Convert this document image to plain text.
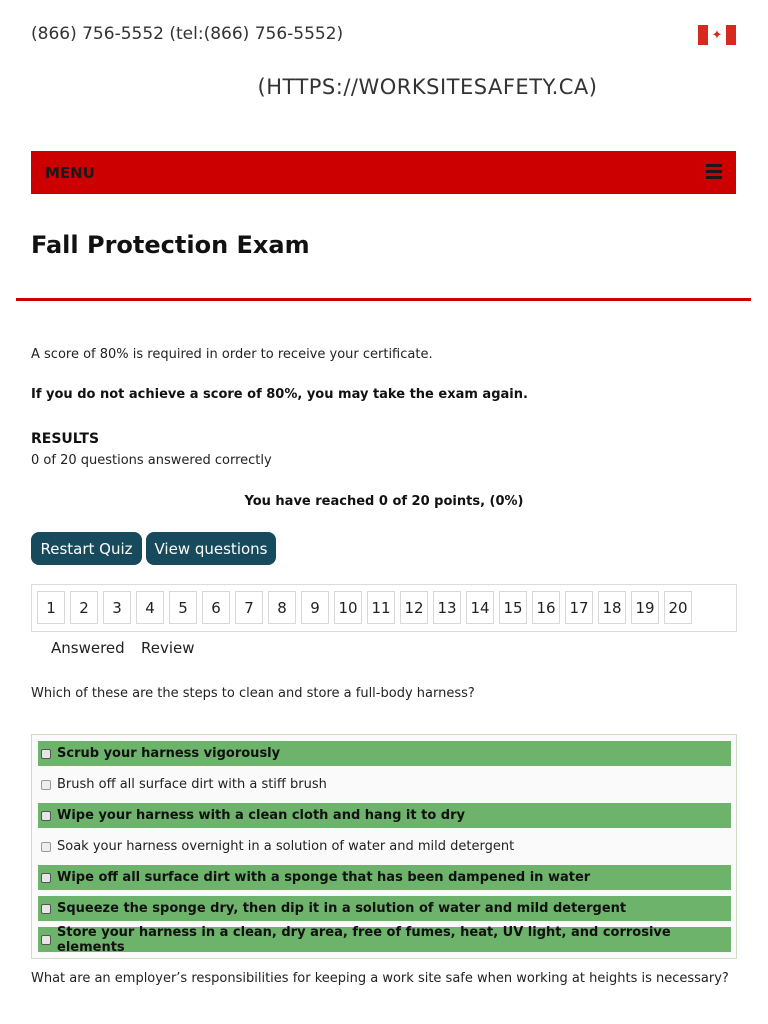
(866) 756-5552 (tel:(866) 756-5552)	✦
(HTTPS://WORKSITESAFETY.CA)
MENU
Fall Protection Exam
A score of 80% is required in order to receive your certificate.
If you do not achieve a score of 80%, you may take the exam again.
RESULTS
0 of 20 questions answered correctly
You have reached 0 of 20 points, (0%)
Restart Quiz	View questions
1	2	3	4	5	6	7	8	9	10 11 12 13 14 15 16 17 18 19 20
Answered Review
Which of these are the steps to clean and store a full-body harness?
Scrub your harness vigorously
Brush off all surface dirt with a stiff brush
Wipe your harness with a clean cloth and hang it to dry
Soak your harness overnight in a solution of water and mild detergent
Wipe off all surface dirt with a sponge that has been dampened in water
Squeeze the sponge dry, then dip it in a solution of water and mild detergent
Store your harness in a clean, dry area, free of fumes, heat, UV light, and corrosive elements
What are an employer’s responsibilities for keeping a work site safe when working at heights is necessary?
